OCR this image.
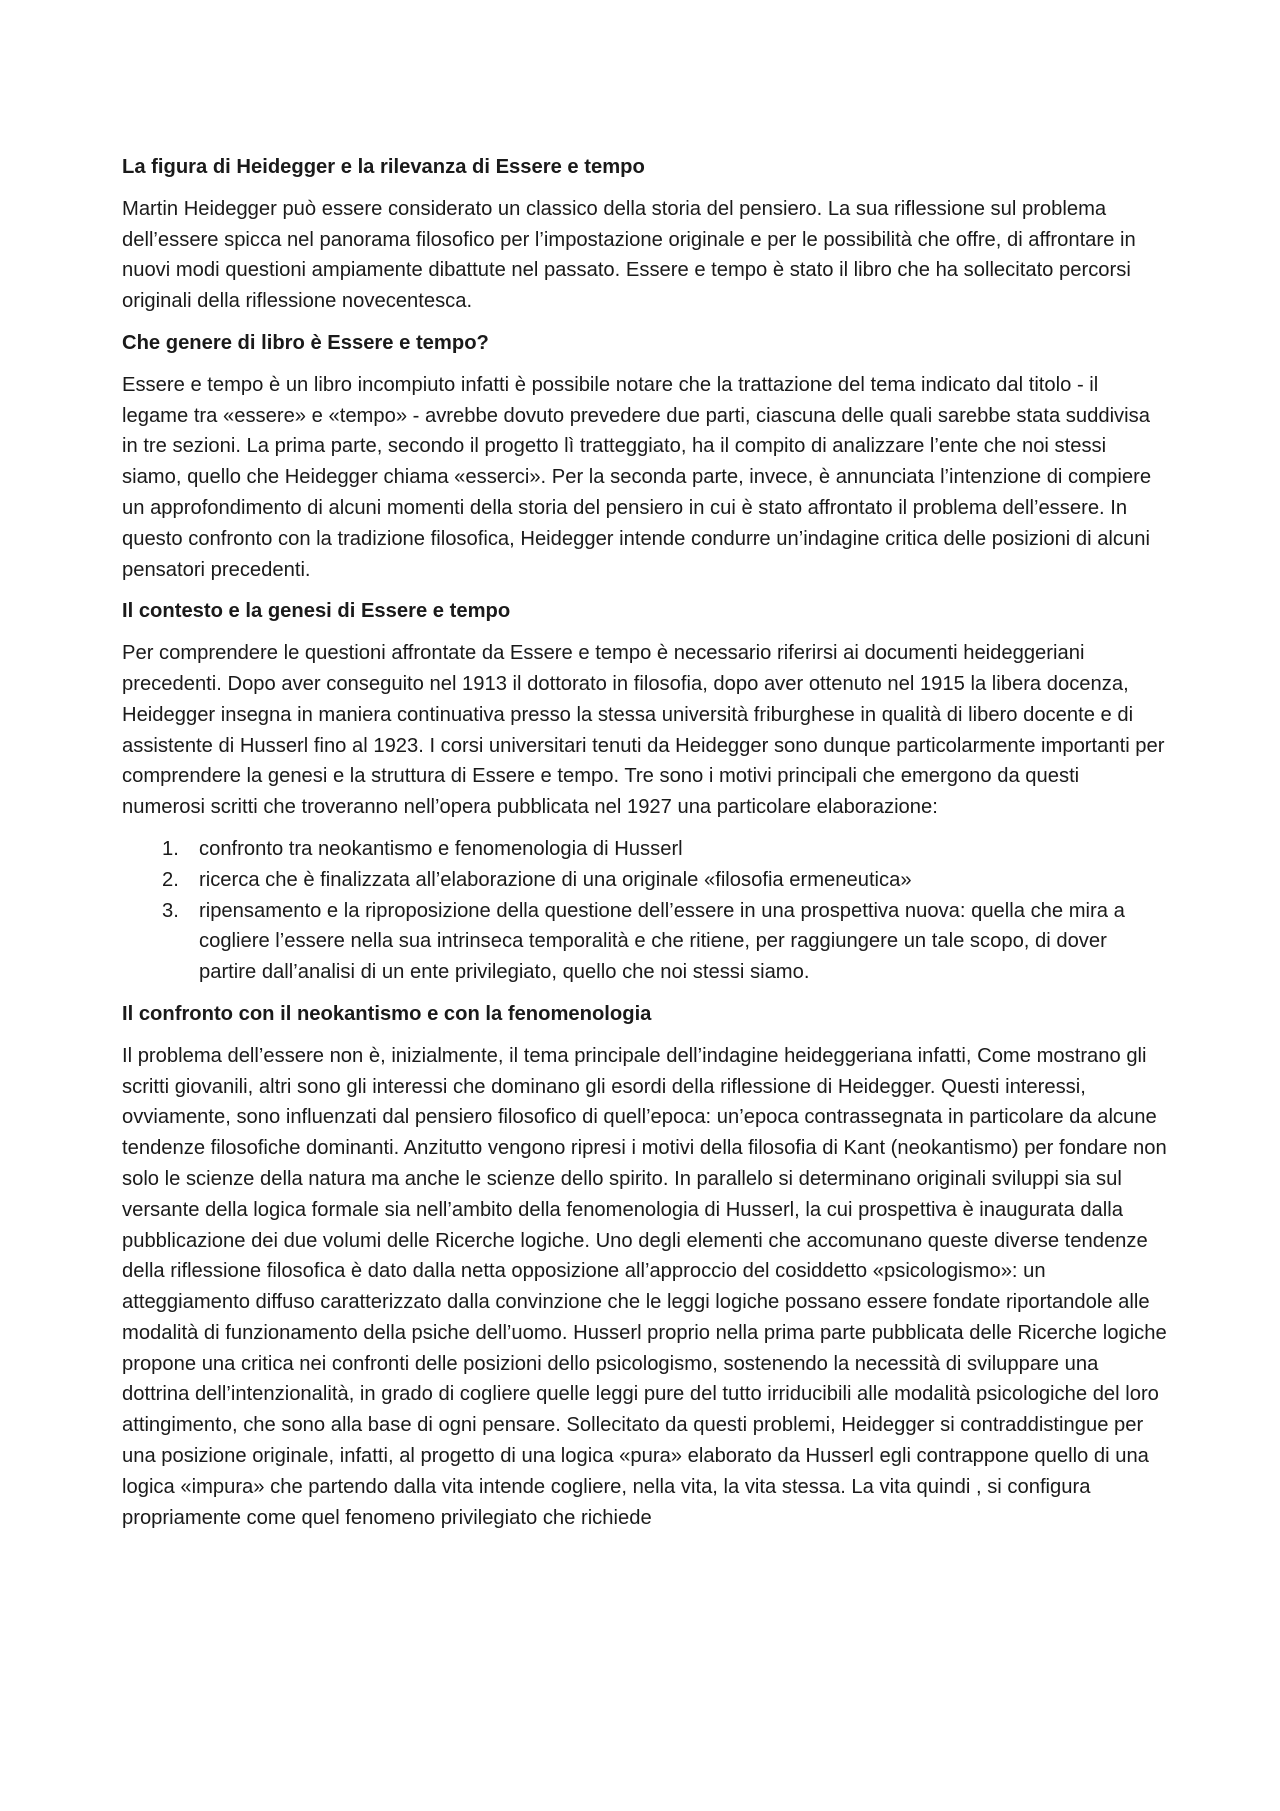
La figura di Heidegger e la rilevanza di Essere e tempo
Martin Heidegger può essere considerato un classico della storia del pensiero. La sua riflessione sul problema dell’essere spicca nel panorama filosofico per l’impostazione originale e per le possibilità che offre, di affrontare in nuovi modi questioni ampiamente dibattute nel passato. Essere e tempo è stato il libro che ha sollecitato percorsi originali della riflessione novecentesca.
Che genere di libro è Essere e tempo?
Essere e tempo è un libro incompiuto infatti è possibile notare che la trattazione del tema indicato dal titolo - il legame tra «essere» e «tempo» - avrebbe dovuto prevedere due parti, ciascuna delle quali sarebbe stata suddivisa in tre sezioni. La prima parte, secondo il progetto lì tratteggiato, ha il compito di analizzare l’ente che noi stessi siamo, quello che Heidegger chiama «esserci». Per la seconda parte, invece, è annunciata l’intenzione di compiere un approfondimento di alcuni momenti della storia del pensiero in cui è stato affrontato il problema dell’essere. In questo confronto con la tradizione filosofica, Heidegger intende condurre un’indagine critica delle posizioni di alcuni pensatori precedenti.
Il contesto e la genesi di Essere e tempo
Per comprendere le questioni affrontate da Essere e tempo è necessario riferirsi ai documenti heideggeriani precedenti. Dopo aver conseguito nel 1913 il dottorato in filosofia, dopo aver ottenuto nel 1915 la libera docenza, Heidegger insegna in maniera continuativa presso la stessa università friburghese in qualità di libero docente e di assistente di Husserl fino al 1923. I corsi universitari tenuti da Heidegger sono dunque particolarmente importanti per comprendere la genesi e la struttura di Essere e tempo. Tre sono i motivi principali che emergono da questi numerosi scritti che troveranno nell’opera pubblicata nel 1927 una particolare elaborazione:
1. confronto tra neokantismo e fenomenologia di Husserl
2. ricerca che è finalizzata all’elaborazione di una originale «filosofia ermeneutica»
3. ripensamento e la riproposizione della questione dell’essere in una prospettiva nuova: quella che mira a cogliere l’essere nella sua intrinseca temporalità e che ritiene, per raggiungere un tale scopo, di dover partire dall’analisi di un ente privilegiato, quello che noi stessi siamo.
Il confronto con il neokantismo e con la fenomenologia
Il problema dell’essere non è, inizialmente, il tema principale dell’indagine heideggeriana infatti, Come mostrano gli scritti giovanili, altri sono gli interessi che dominano gli esordi della riflessione di Heidegger. Questi interessi, ovviamente, sono influenzati dal pensiero filosofico di quell’epoca: un’epoca contrassegnata in particolare da alcune tendenze filosofiche dominanti. Anzitutto vengono ripresi i motivi della filosofia di Kant (neokantismo) per fondare non solo le scienze della natura ma anche le scienze dello spirito. In parallelo si determinano originali sviluppi sia sul versante della logica formale sia nell’ambito della fenomenologia di Husserl, la cui prospettiva è inaugurata dalla pubblicazione dei due volumi delle Ricerche logiche. Uno degli elementi che accomunano queste diverse tendenze della riflessione filosofica è dato dalla netta opposizione all’approccio del cosiddetto «psicologismo»: un atteggiamento diffuso caratterizzato dalla convinzione che le leggi logiche possano essere fondate riportandole alle modalità di funzionamento della psiche dell’uomo. Husserl proprio nella prima parte pubblicata delle Ricerche logiche propone una critica nei confronti delle posizioni dello psicologismo, sostenendo la necessità di sviluppare una dottrina dell’intenzionalità, in grado di cogliere quelle leggi pure del tutto irriducibili alle modalità psicologiche del loro attingimento, che sono alla base di ogni pensare. Sollecitato da questi problemi, Heidegger si contraddistingue per una posizione originale, infatti, al progetto di una logica «pura» elaborato da Husserl egli contrappone quello di una logica «impura» che partendo dalla vita intende cogliere, nella vita, la vita stessa. La vita quindi , si configura propriamente come quel fenomeno privilegiato che richiede
